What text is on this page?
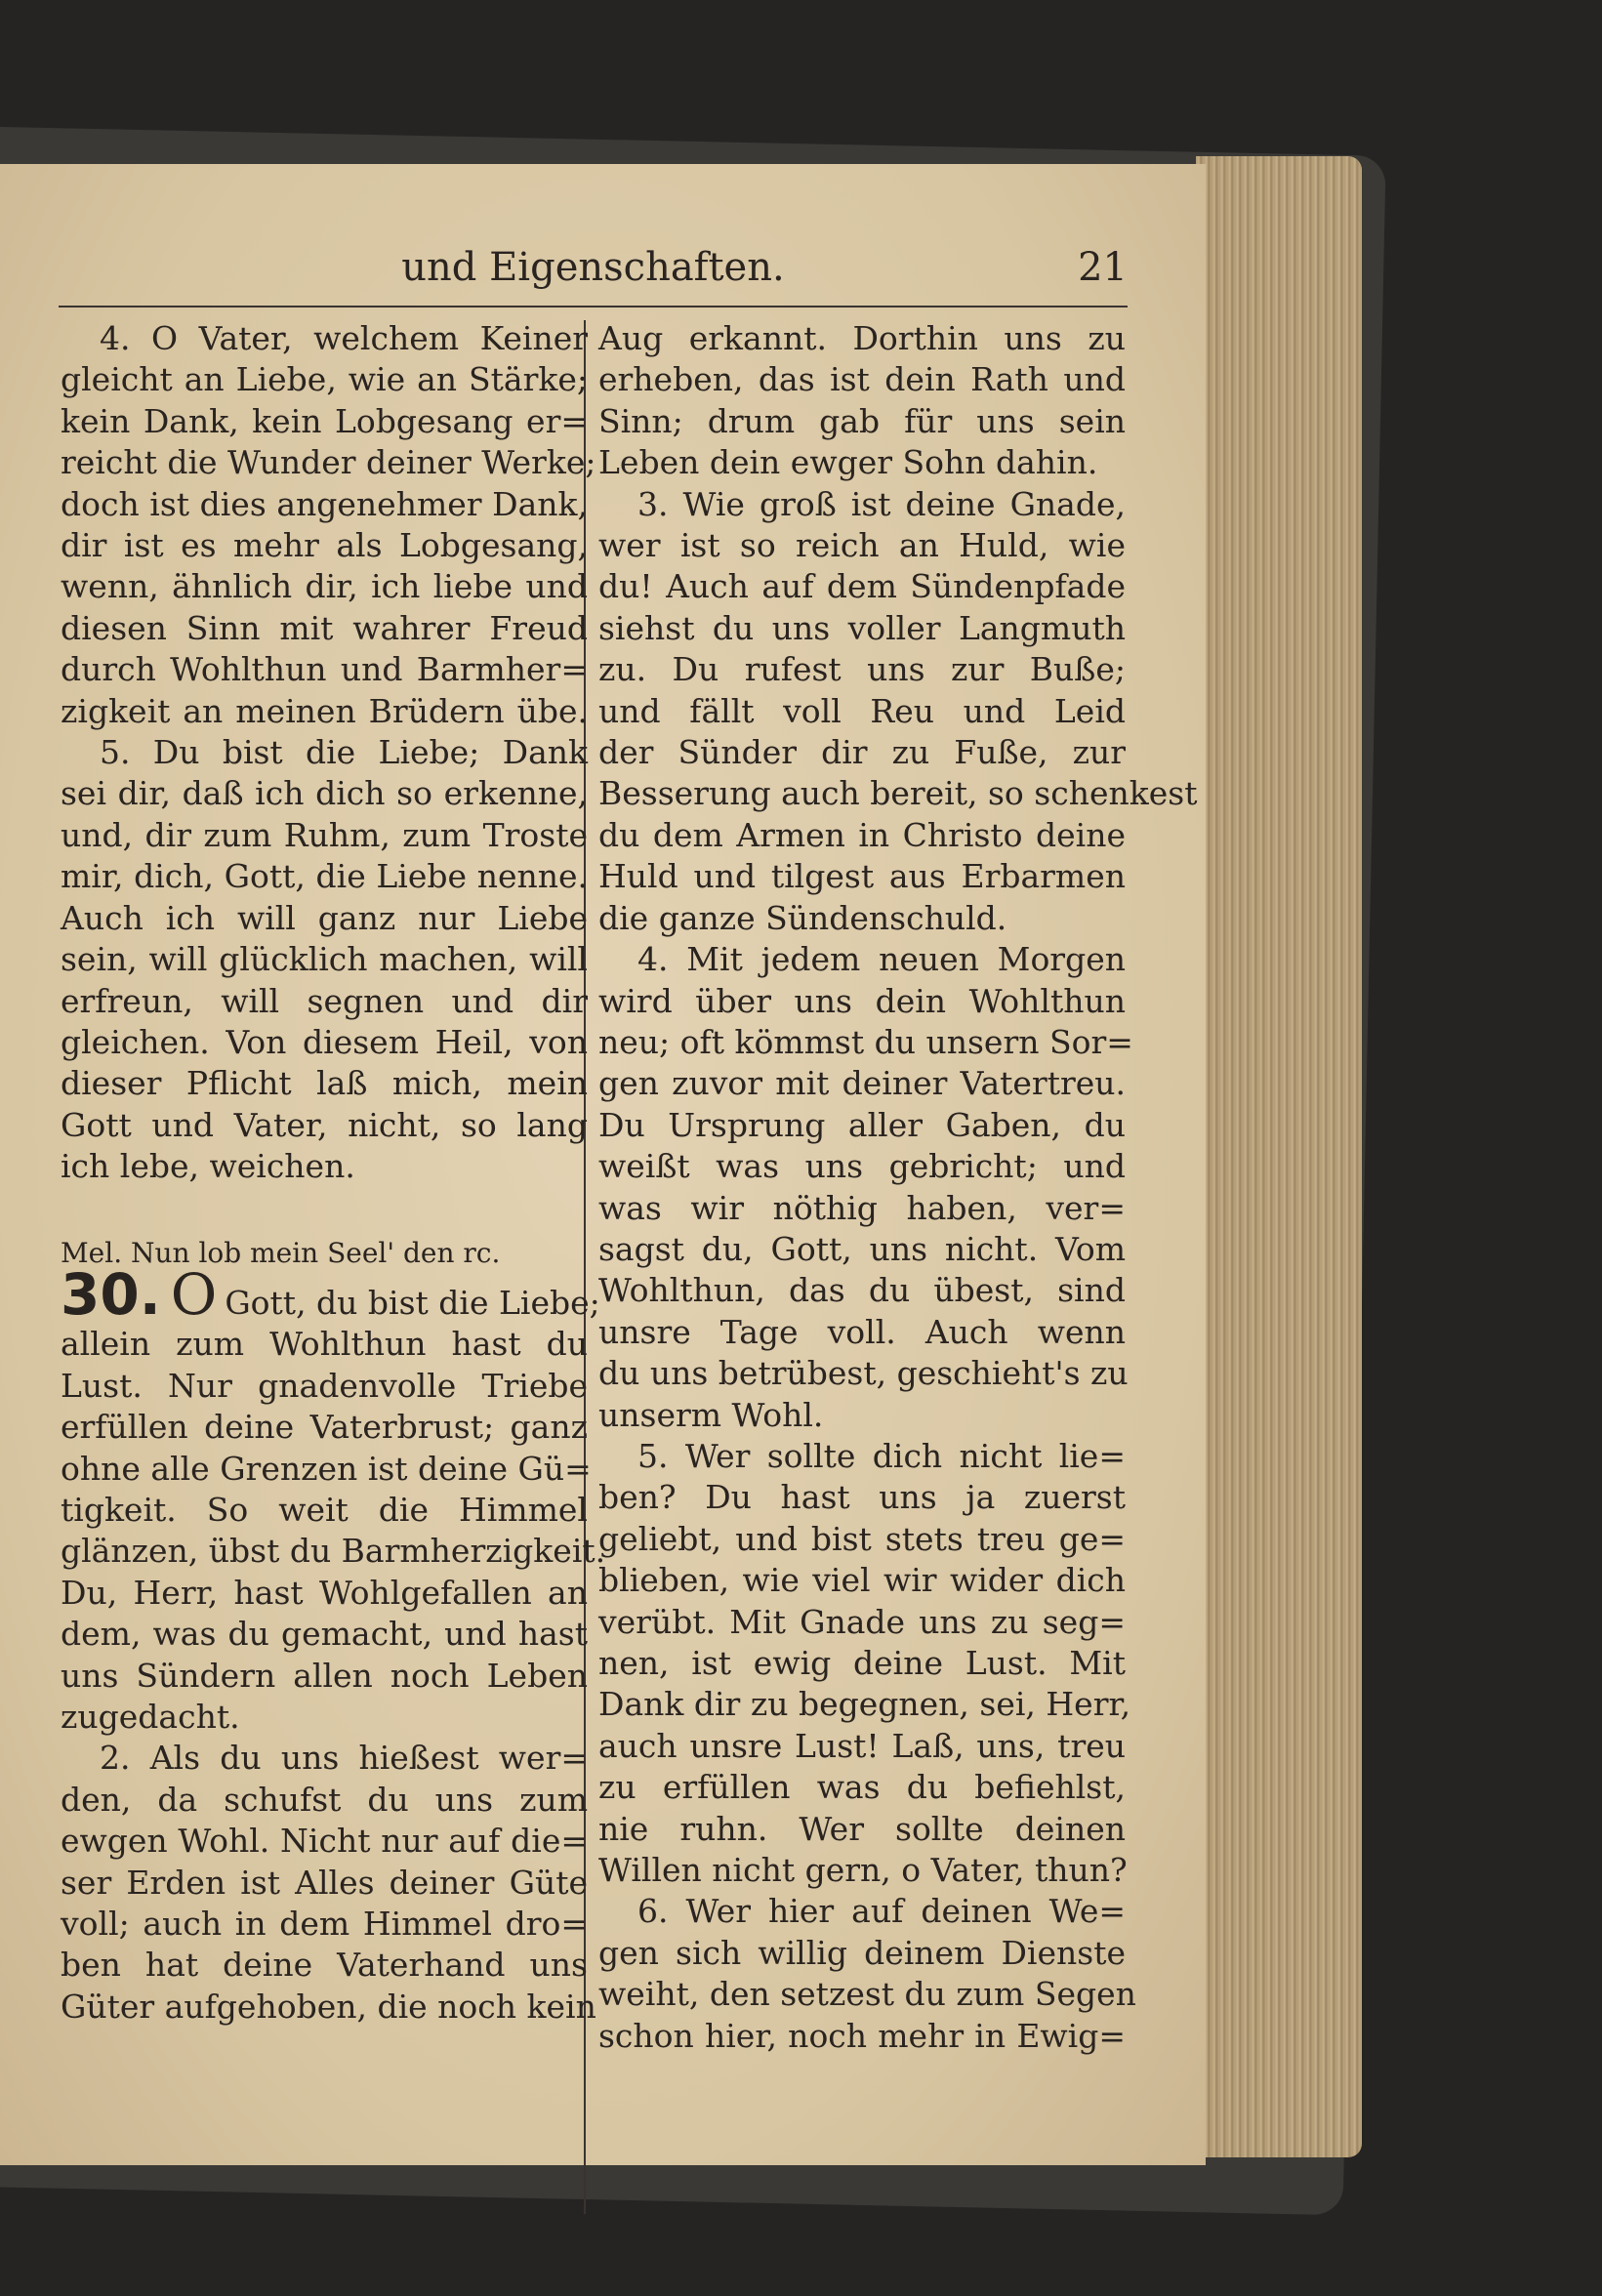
und Eigenschaften.	21
4. O Vater, welchem Keiner
gleicht an Liebe, wie an Stärke;
kein Dank, kein Lobgesang er=
reicht die Wunder deiner Werke;
doch ist dies angenehmer Dank,
dir ist es mehr als Lobgesang,
wenn, ähnlich dir, ich liebe und
diesen Sinn mit wahrer Freud
durch Wohlthun und Barmher=
zigkeit an meinen Brüdern übe.
5. Du bist die Liebe; Dank
sei dir, daß ich dich so erkenne,
und, dir zum Ruhm, zum Troste
mir, dich, Gott, die Liebe nenne.
Auch ich will ganz nur Liebe
sein, will glücklich machen, will
erfreun, will segnen und dir
gleichen. Von diesem Heil, von
dieser Pflicht laß mich, mein
Gott und Vater, nicht, so lang
ich lebe, weichen.
Mel. Nun lob mein Seel' den rc.
30. O Gott, du bist die Liebe;
allein zum Wohlthun hast du
Lust. Nur gnadenvolle Triebe
erfüllen deine Vaterbrust; ganz
ohne alle Grenzen ist deine Gü=
tigkeit. So weit die Himmel
glänzen, übst du Barmherzigkeit.
Du, Herr, hast Wohlgefallen an
dem, was du gemacht, und hast
uns Sündern allen noch Leben
zugedacht.
2. Als du uns hießest wer=
den, da schufst du uns zum
ewgen Wohl. Nicht nur auf die=
ser Erden ist Alles deiner Güte
voll; auch in dem Himmel dro=
ben hat deine Vaterhand uns
Güter aufgehoben, die noch kein
Aug erkannt. Dorthin uns zu
erheben, das ist dein Rath und
Sinn; drum gab für uns sein
Leben dein ewger Sohn dahin.
3. Wie groß ist deine Gnade,
wer ist so reich an Huld, wie
du! Auch auf dem Sündenpfade
siehst du uns voller Langmuth
zu. Du rufest uns zur Buße;
und fällt voll Reu und Leid
der Sünder dir zu Fuße, zur
Besserung auch bereit, so schenkest
du dem Armen in Christo deine
Huld und tilgest aus Erbarmen
die ganze Sündenschuld.
4. Mit jedem neuen Morgen
wird über uns dein Wohlthun
neu; oft kömmst du unsern Sor=
gen zuvor mit deiner Vatertreu.
Du Ursprung aller Gaben, du
weißt was uns gebricht; und
was wir nöthig haben, ver=
sagst du, Gott, uns nicht. Vom
Wohlthun, das du übest, sind
unsre Tage voll. Auch wenn
du uns betrübest, geschieht's zu
unserm Wohl.
5. Wer sollte dich nicht lie=
ben? Du hast uns ja zuerst
geliebt, und bist stets treu ge=
blieben, wie viel wir wider dich
verübt. Mit Gnade uns zu seg=
nen, ist ewig deine Lust. Mit
Dank dir zu begegnen, sei, Herr,
auch unsre Lust! Laß, uns, treu
zu erfüllen was du befiehlst,
nie ruhn. Wer sollte deinen
Willen nicht gern, o Vater, thun?
6. Wer hier auf deinen We=
gen sich willig deinem Dienste
weiht, den setzest du zum Segen
schon hier, noch mehr in Ewig=
